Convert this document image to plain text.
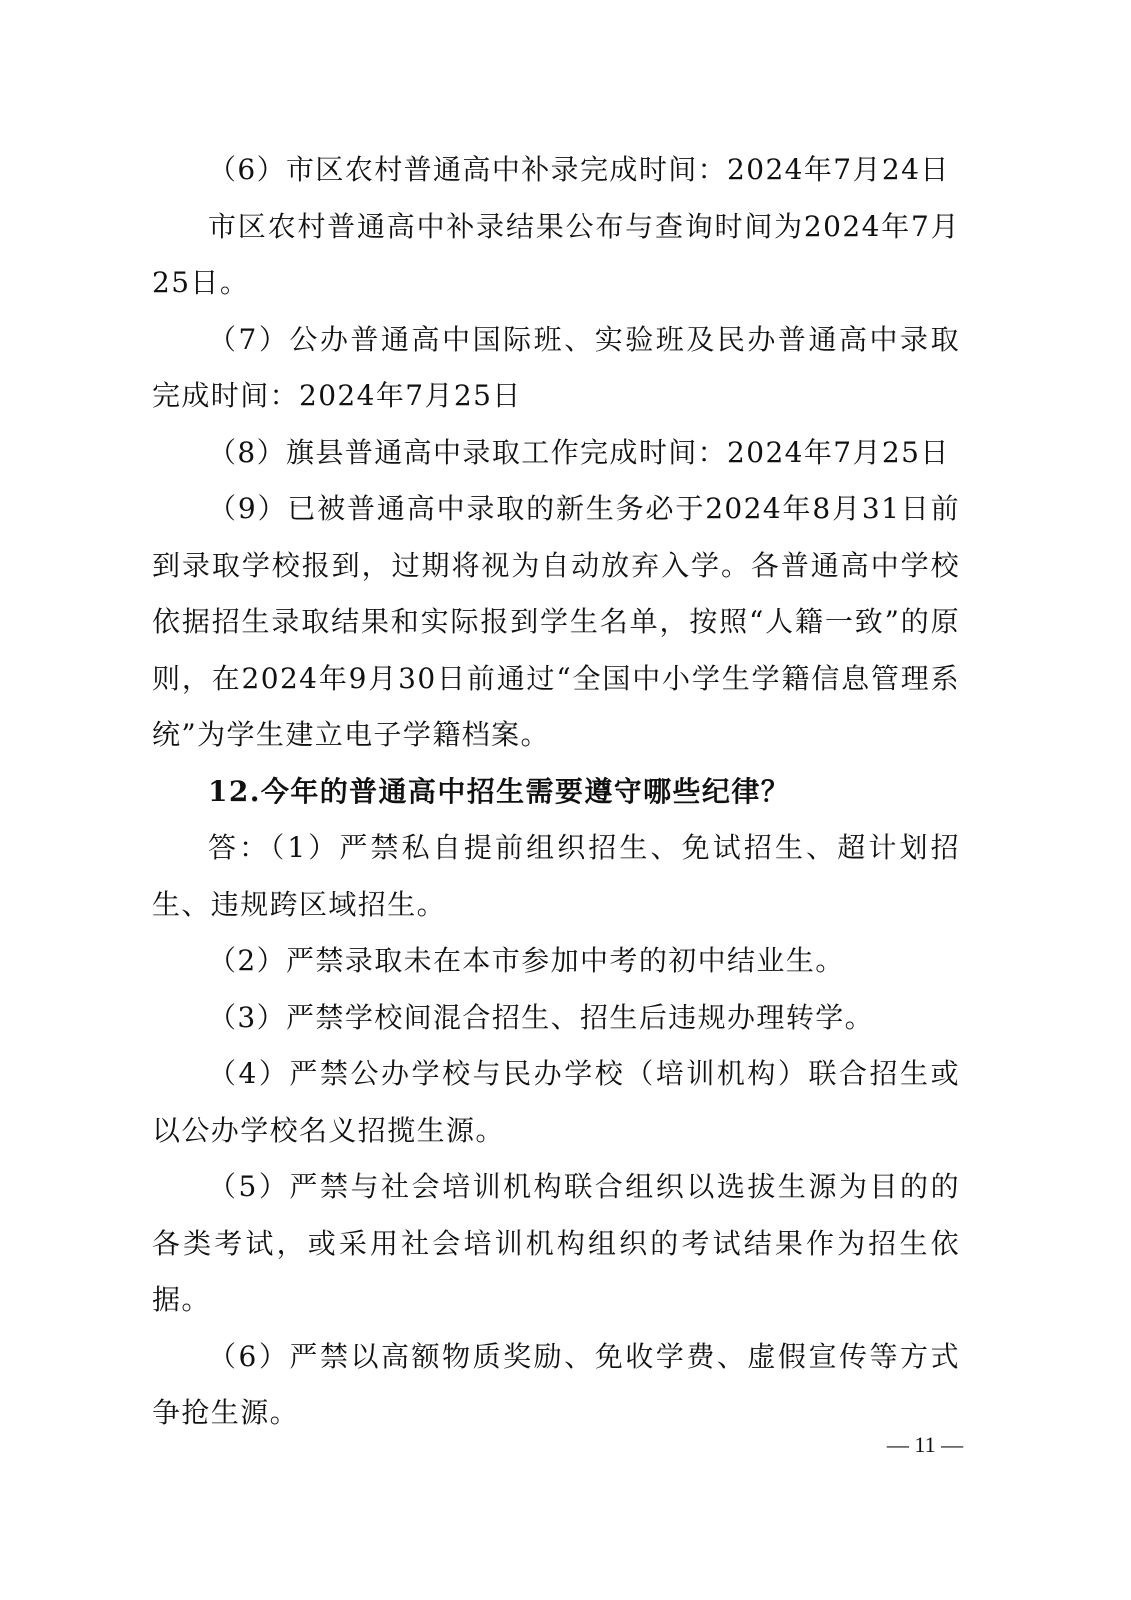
（6）市区农村普通高中补录完成时间：2024年7月24日

市区农村普通高中补录结果公布与查询时间为2024年7月25日。

（7）公办普通高中国际班、实验班及民办普通高中录取完成时间：2024年7月25日

（8）旗县普通高中录取工作完成时间：2024年7月25日

（9）已被普通高中录取的新生务必于2024年8月31日前到录取学校报到，过期将视为自动放弃入学。各普通高中学校依据招生录取结果和实际报到学生名单，按照“人籍一致”的原则，在2024年9月30日前通过“全国中小学生学籍信息管理系统”为学生建立电子学籍档案。

12.今年的普通高中招生需要遵守哪些纪律？

答：（1）严禁私自提前组织招生、免试招生、超计划招生、违规跨区域招生。

（2）严禁录取未在本市参加中考的初中结业生。

（3）严禁学校间混合招生、招生后违规办理转学。

（4）严禁公办学校与民办学校（培训机构）联合招生或以公办学校名义招揽生源。

（5）严禁与社会培训机构联合组织以选拔生源为目的的各类考试，或采用社会培训机构组织的考试结果作为招生依据。

（6）严禁以高额物质奖励、免收学费、虚假宣传等方式争抢生源。

— 11 —
